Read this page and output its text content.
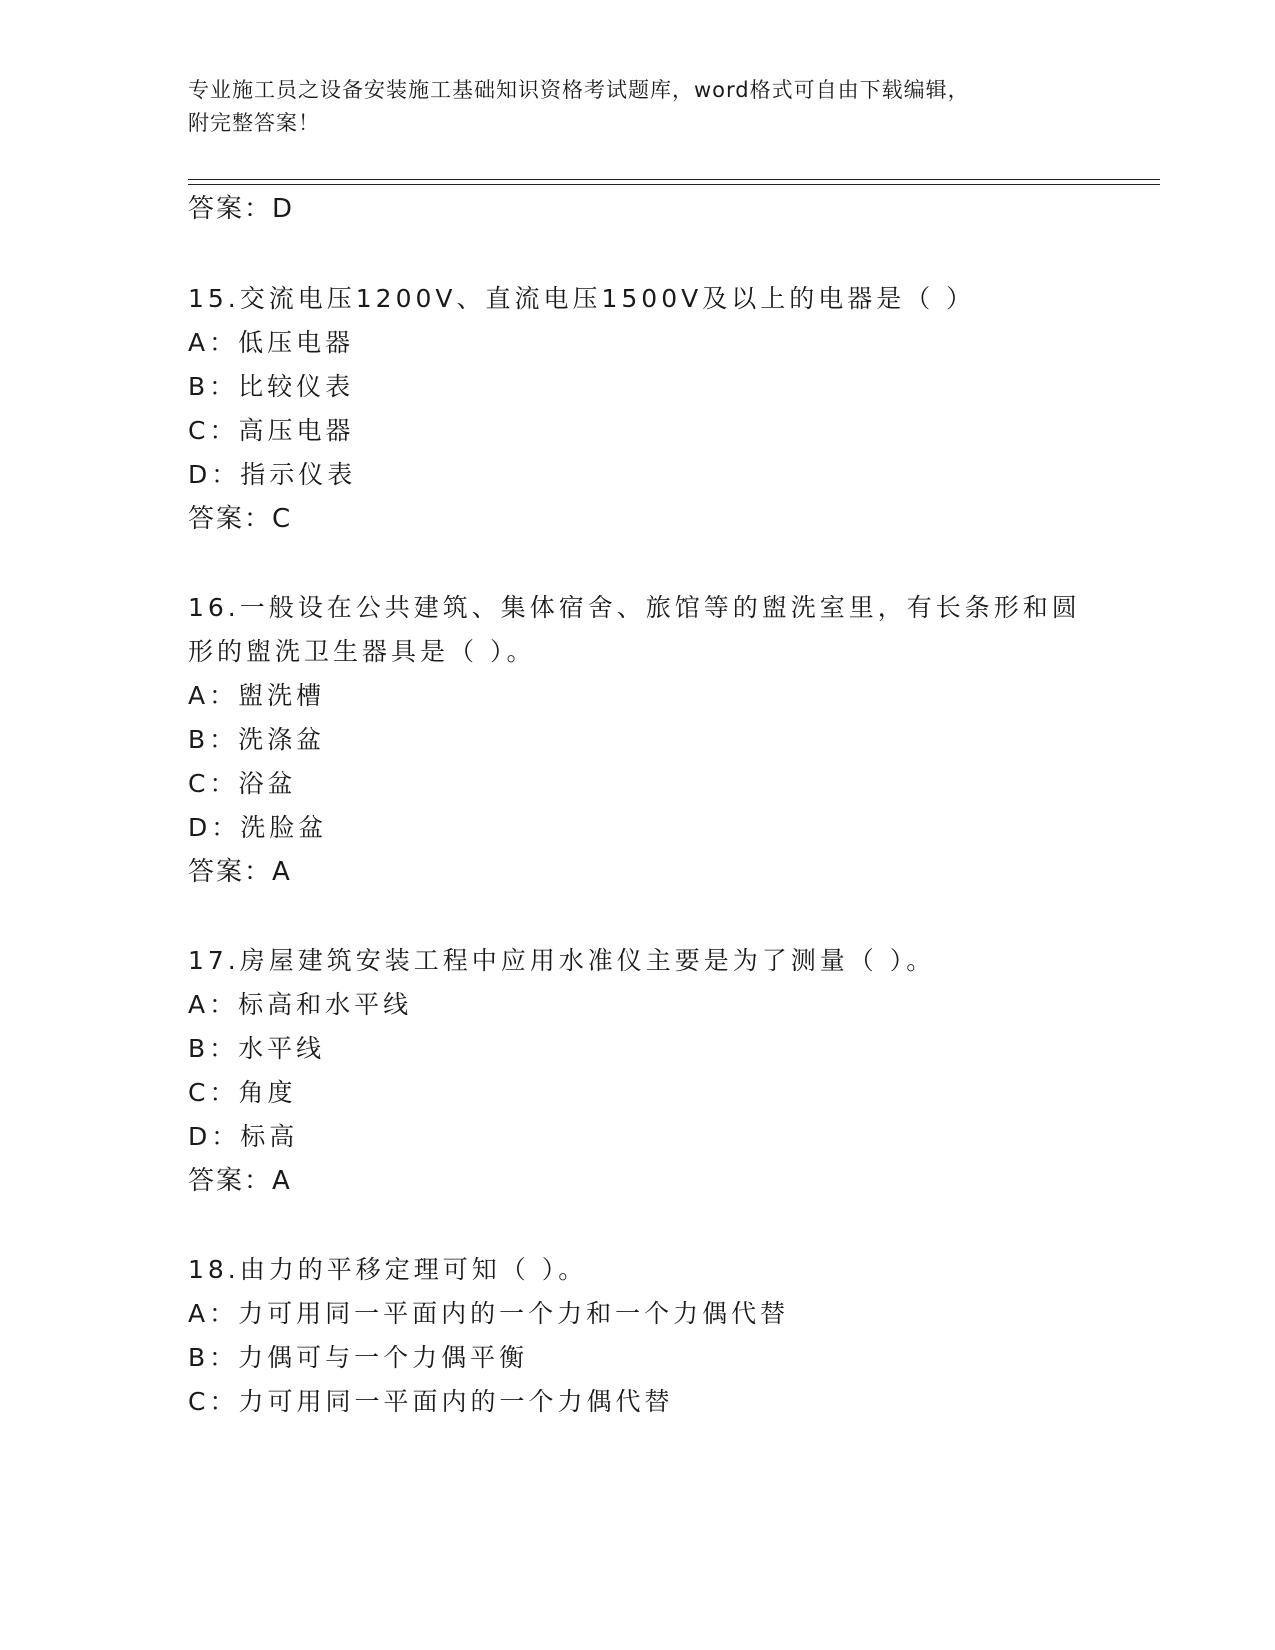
专业施工员之设备安装施工基础知识资格考试题库，word格式可自由下载编辑，
附完整答案！
答案：D
15.交流电压1200V、直流电压1500V及以上的电器是（ ）
A：低压电器
B：比较仪表
C：高压电器
D：指示仪表
答案：C
16.一般设在公共建筑、集体宿舍、旅馆等的盥洗室里，有长条形和圆
形的盥洗卫生器具是（ ）。
A：盥洗槽
B：洗涤盆
C：浴盆
D：洗脸盆
答案：A
17.房屋建筑安装工程中应用水准仪主要是为了测量（ ）。
A：标高和水平线
B：水平线
C：角度
D：标高
答案：A
18.由力的平移定理可知（ ）。
A：力可用同一平面内的一个力和一个力偶代替
B：力偶可与一个力偶平衡
C：力可用同一平面内的一个力偶代替
